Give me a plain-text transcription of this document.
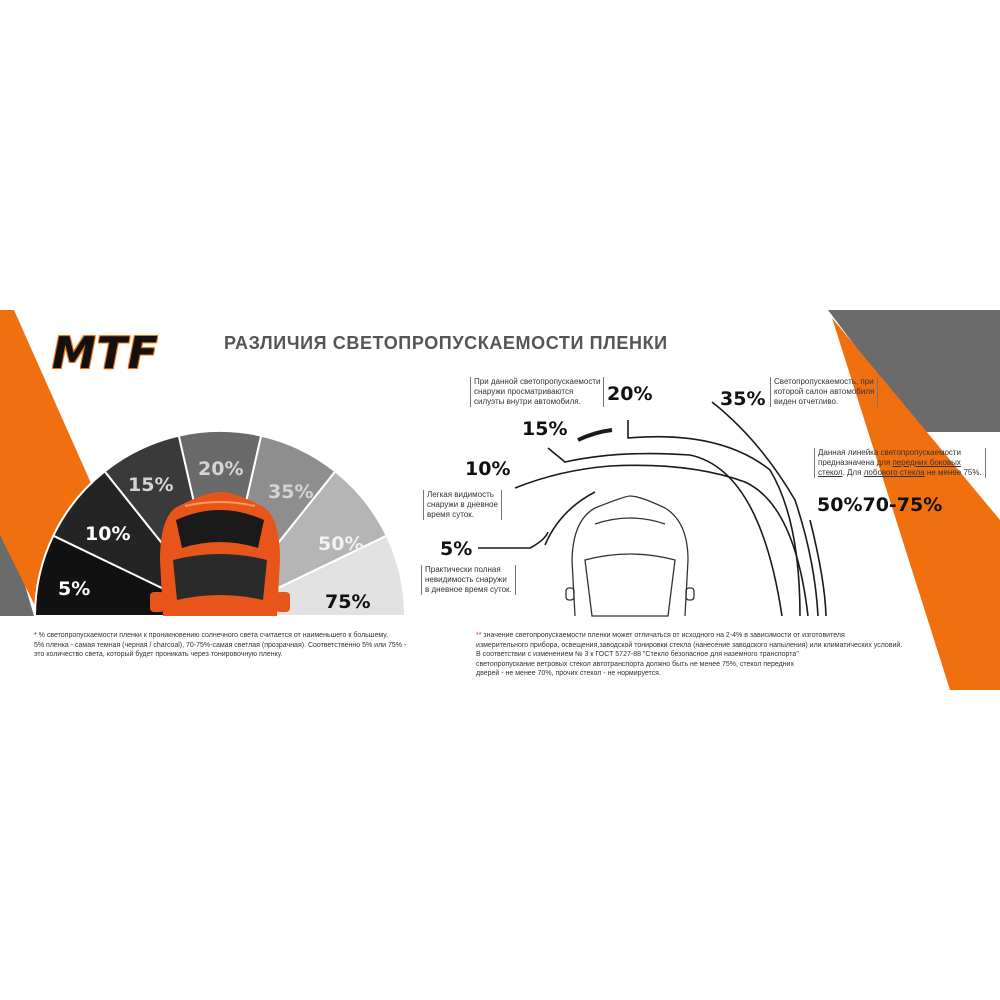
MTF	РАЗЛИЧИЯ СВЕТОПРОПУСКАЕМОСТИ ПЛЕНКИ
5%
10%
15%
20%
35%
50%
75%
5%
10%
15%
20%	35%
50%70-75%
При данной светопропускаемости
снаружи просматриваются
силуэты внутри автомобиля.
Светопропускаемость, при
которой салон автомобиля
виден отчетливо.
Данная линейка светопропускаемости
предназначена для передних боковых
стекол. Для лобового стекла не менее 75%.
Легкая видимость
снаружи в дневное
время суток.
Практически полная
невидимость снаружи
в дневное время суток.
* % светопропускаемости пленки к проникновению солнечного света считается от наименьшего к большему.
5% пленка - самая темная (черная / charcoal), 70-75%-самая светлая (прозрачная). Соответственно 5% или 75% -
это количество света, который будет проникать через тонировочную пленку.
** значение светопропускаемости пленки может отличаться от исходного на 2-4% в зависимости от изготовителя
измерительного прибора, освещения,заводской тонировки стекла (нанесение заводского напыления) или климатических условий.
В соответствии с изменением № 3 к ГОСТ 5727-88 "Стекло безопасное для наземного транспорта"
светопропускание ветровых стекол автотранспорта должно быть не менее 75%, стекол передних
дверей - не менее 70%, прочих стекол - не нормируется.
